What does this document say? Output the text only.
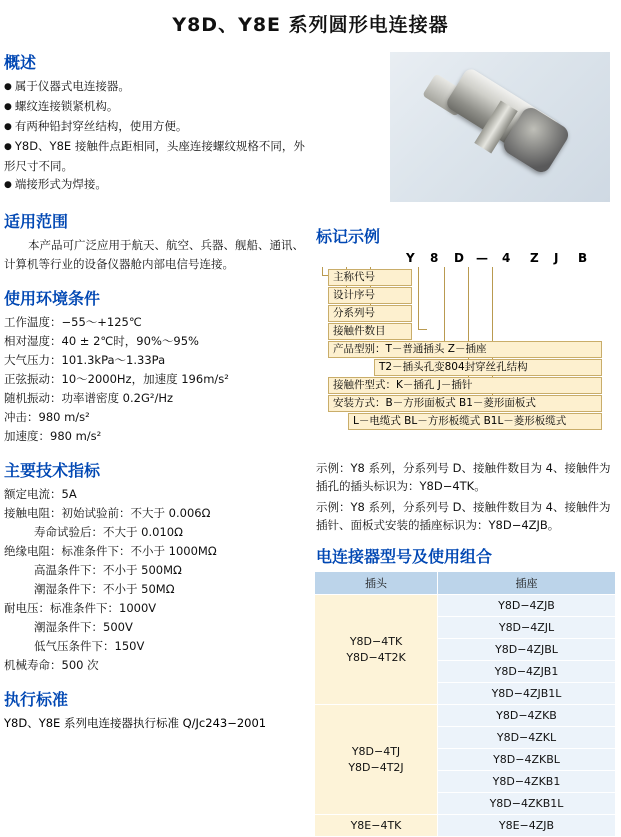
Y8D、Y8E 系列圆形电连接器
概述
● 属于仪器式电连接器。
● 螺纹连接锁紧机构。
● 有两种铅封穿丝结构，使用方便。
● Y8D、Y8E 接触件点距相同，头座连接螺纹规格不同，外形尺寸不同。
● 端接形式为焊接。
适用范围
本产品可广泛应用于航天、航空、兵器、舰船、通讯、计算机等行业的设备仪器舱内部电信号连接。
使用环境条件
工作温度：−55～+125℃
相对湿度：40 ± 2℃时，90%～95%
大气压力：101.3kPa～1.33Pa
正弦振动：10～2000Hz，加速度 196m/s²
随机振动：功率谱密度 0.2G²/Hz
冲击：980 m/s²
加速度：980 m/s²
主要技术指标
额定电流：5A
接触电阻：初始试验前：不大于 0.006Ω
寿命试验后：不大于 0.010Ω
绝缘电阻：标准条件下：不小于 1000MΩ
高温条件下：不小于 500MΩ
潮湿条件下：不小于 50MΩ
耐电压：标准条件下：1000V
潮湿条件下：500V
低气压条件下：150V
机械寿命：500 次
执行标准
Y8D、Y8E 系列电连接器执行标准 Q/Jc243−2001
标记示例
Y 8 D — 4 Z J B
主称代号
设计序号
分系列号
接触件数目
产品型别：T－普通插头 Z－插座
T2－插头孔变804封穿丝孔结构
接触件型式：K－插孔 J－插针
安装方式：B－方形面板式 B1－菱形面板式
L－电缆式 BL－方形板缆式 B1L－菱形板缆式
示例：Y8 系列，分系列号 D、接触件数目为 4、接触件为插孔的插头标识为：Y8D−4TK。
示例：Y8 系列，分系列号 D、接触件数目为 4、接触件为插针、面板式安装的插座标识为：Y8D−4ZJB。
电连接器型号及使用组合
插头	插座

Y8D−4TK
Y8D−4T2K	Y8D−4ZJB
	Y8D−4ZJL
	Y8D−4ZJBL
	Y8D−4ZJB1
	Y8D−4ZJB1L

Y8D−4TJ
Y8D−4T2J	Y8D−4ZKB
	Y8D−4ZKL
	Y8D−4ZKBL
	Y8D−4ZKB1
	Y8D−4ZKB1L
Y8E−4TK	Y8E−4ZJB
